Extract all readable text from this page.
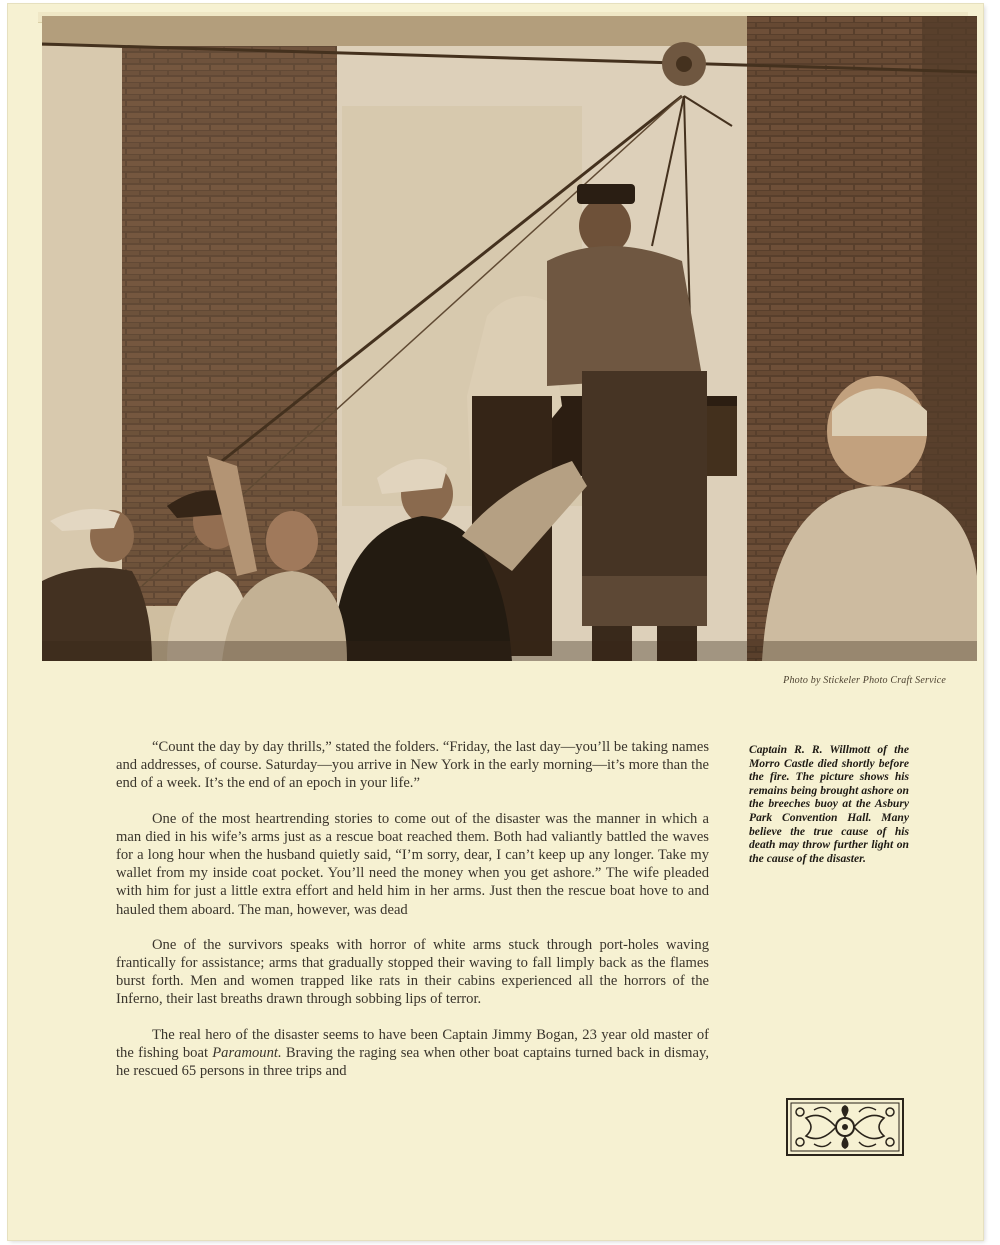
Photo by Stickeler Photo Craft Service

“Count the day by day thrills,” stated the folders. “Friday, the last day—you’ll be taking names and addresses, of course. Saturday—you arrive in New York in the early morning—it’s more than the end of a week. It’s the end of an epoch in your life.”

One of the most heartrending stories to come out of the disaster was the manner in which a man died in his wife’s arms just as a rescue boat reached them. Both had valiantly battled the waves for a long hour when the husband quietly said, “I’m sorry, dear, I can’t keep up any longer. Take my wallet from my inside coat pocket. You’ll need the money when you get ashore.” The wife pleaded with him for just a little extra effort and held him in her arms. Just then the rescue boat hove to and hauled them aboard. The man, however, was dead

One of the survivors speaks with horror of white arms stuck through port-holes waving frantically for assistance; arms that gradually stopped their waving to fall limply back as the flames burst forth. Men and women trapped like rats in their cabins experienced all the horrors of the Inferno, their last breaths drawn through sobbing lips of terror.

The real hero of the disaster seems to have been Captain Jimmy Bogan, 23 year old master of the fishing boat Paramount. Braving the raging sea when other boat captains turned back in dismay, he rescued 65 persons in three trips and

Captain R. R. Willmott of the Morro Castle died shortly before the fire. The picture shows his remains being brought ashore on the breeches buoy at the Asbury Park Convention Hall. Many believe the true cause of his death may throw further light on the cause of the disaster.
